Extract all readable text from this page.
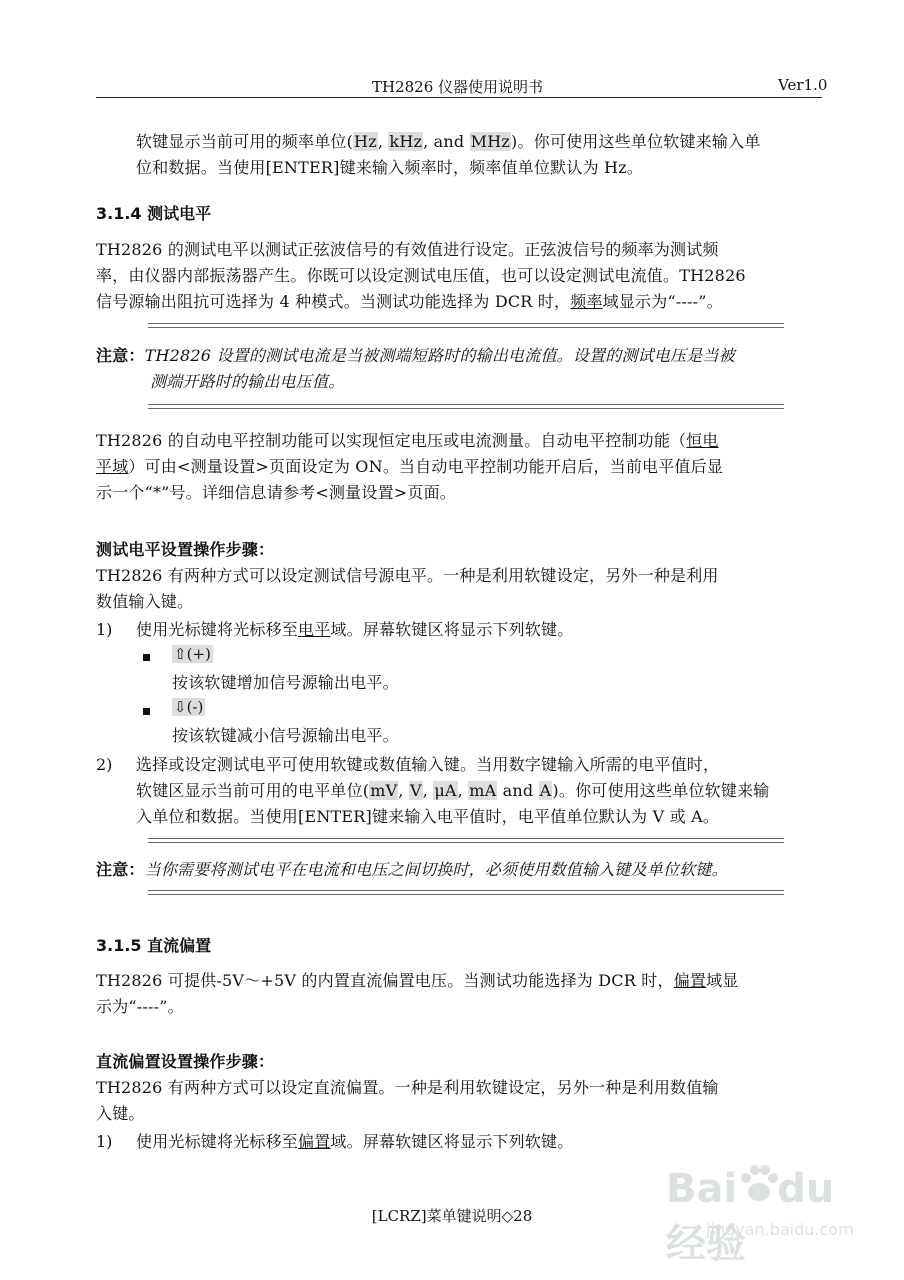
TH2826 仪器使用说明书	Ver1.0
软键显示当前可用的频率单位(Hz, kHz, and MHz)。你可使用这些单位软键来输入单
位和数据。当使用[ENTER]键来输入频率时，频率值单位默认为 Hz。
3.1.4 测试电平
TH2826 的测试电平以测试正弦波信号的有效值进行设定。正弦波信号的频率为测试频
率，由仪器内部振荡器产生。你既可以设定测试电压值，也可以设定测试电流值。TH2826
信号源输出阻抗可选择为 4 种模式。当测试功能选择为 DCR 时，频率域显示为“----”。
注意：TH2826 设置的测试电流是当被测端短路时的输出电流值。设置的测试电压是当被
测端开路时的输出电压值。
TH2826 的自动电平控制功能可以实现恒定电压或电流测量。自动电平控制功能（恒电
平域）可由<测量设置>页面设定为 ON。当自动电平控制功能开启后，当前电平值后显
示一个“*”号。详细信息请参考<测量设置>页面。
测试电平设置操作步骤：
TH2826 有两种方式可以设定测试信号源电平。一种是利用软键设定，另外一种是利用
数值输入键。
1) 使用光标键将光标移至电平域。屏幕软键区将显示下列软键。
⇧(+)
按该软键增加信号源输出电平。
⇩(-)
按该软键减小信号源输出电平。
2) 选择或设定测试电平可使用软键或数值输入键。当用数字键输入所需的电平值时，
软键区显示当前可用的电平单位(mV, V, μA, mA and A)。你可使用这些单位软键来输
入单位和数据。当使用[ENTER]键来输入电平值时，电平值单位默认为 V 或 A。
注意：当你需要将测试电平在电流和电压之间切换时，必须使用数值输入键及单位软键。
3.1.5 直流偏置
TH2826 可提供-5V～+5V 的内置直流偏置电压。当测试功能选择为 DCR 时，偏置域显
示为“----”。
直流偏置设置操作步骤：
TH2826 有两种方式可以设定直流偏置。一种是利用软键设定，另外一种是利用数值输
入键。
1) 使用光标键将光标移至偏置域。屏幕软键区将显示下列软键。
[LCRZ]菜单键说明◇28
Bai du经验
jingyan.baidu.com
